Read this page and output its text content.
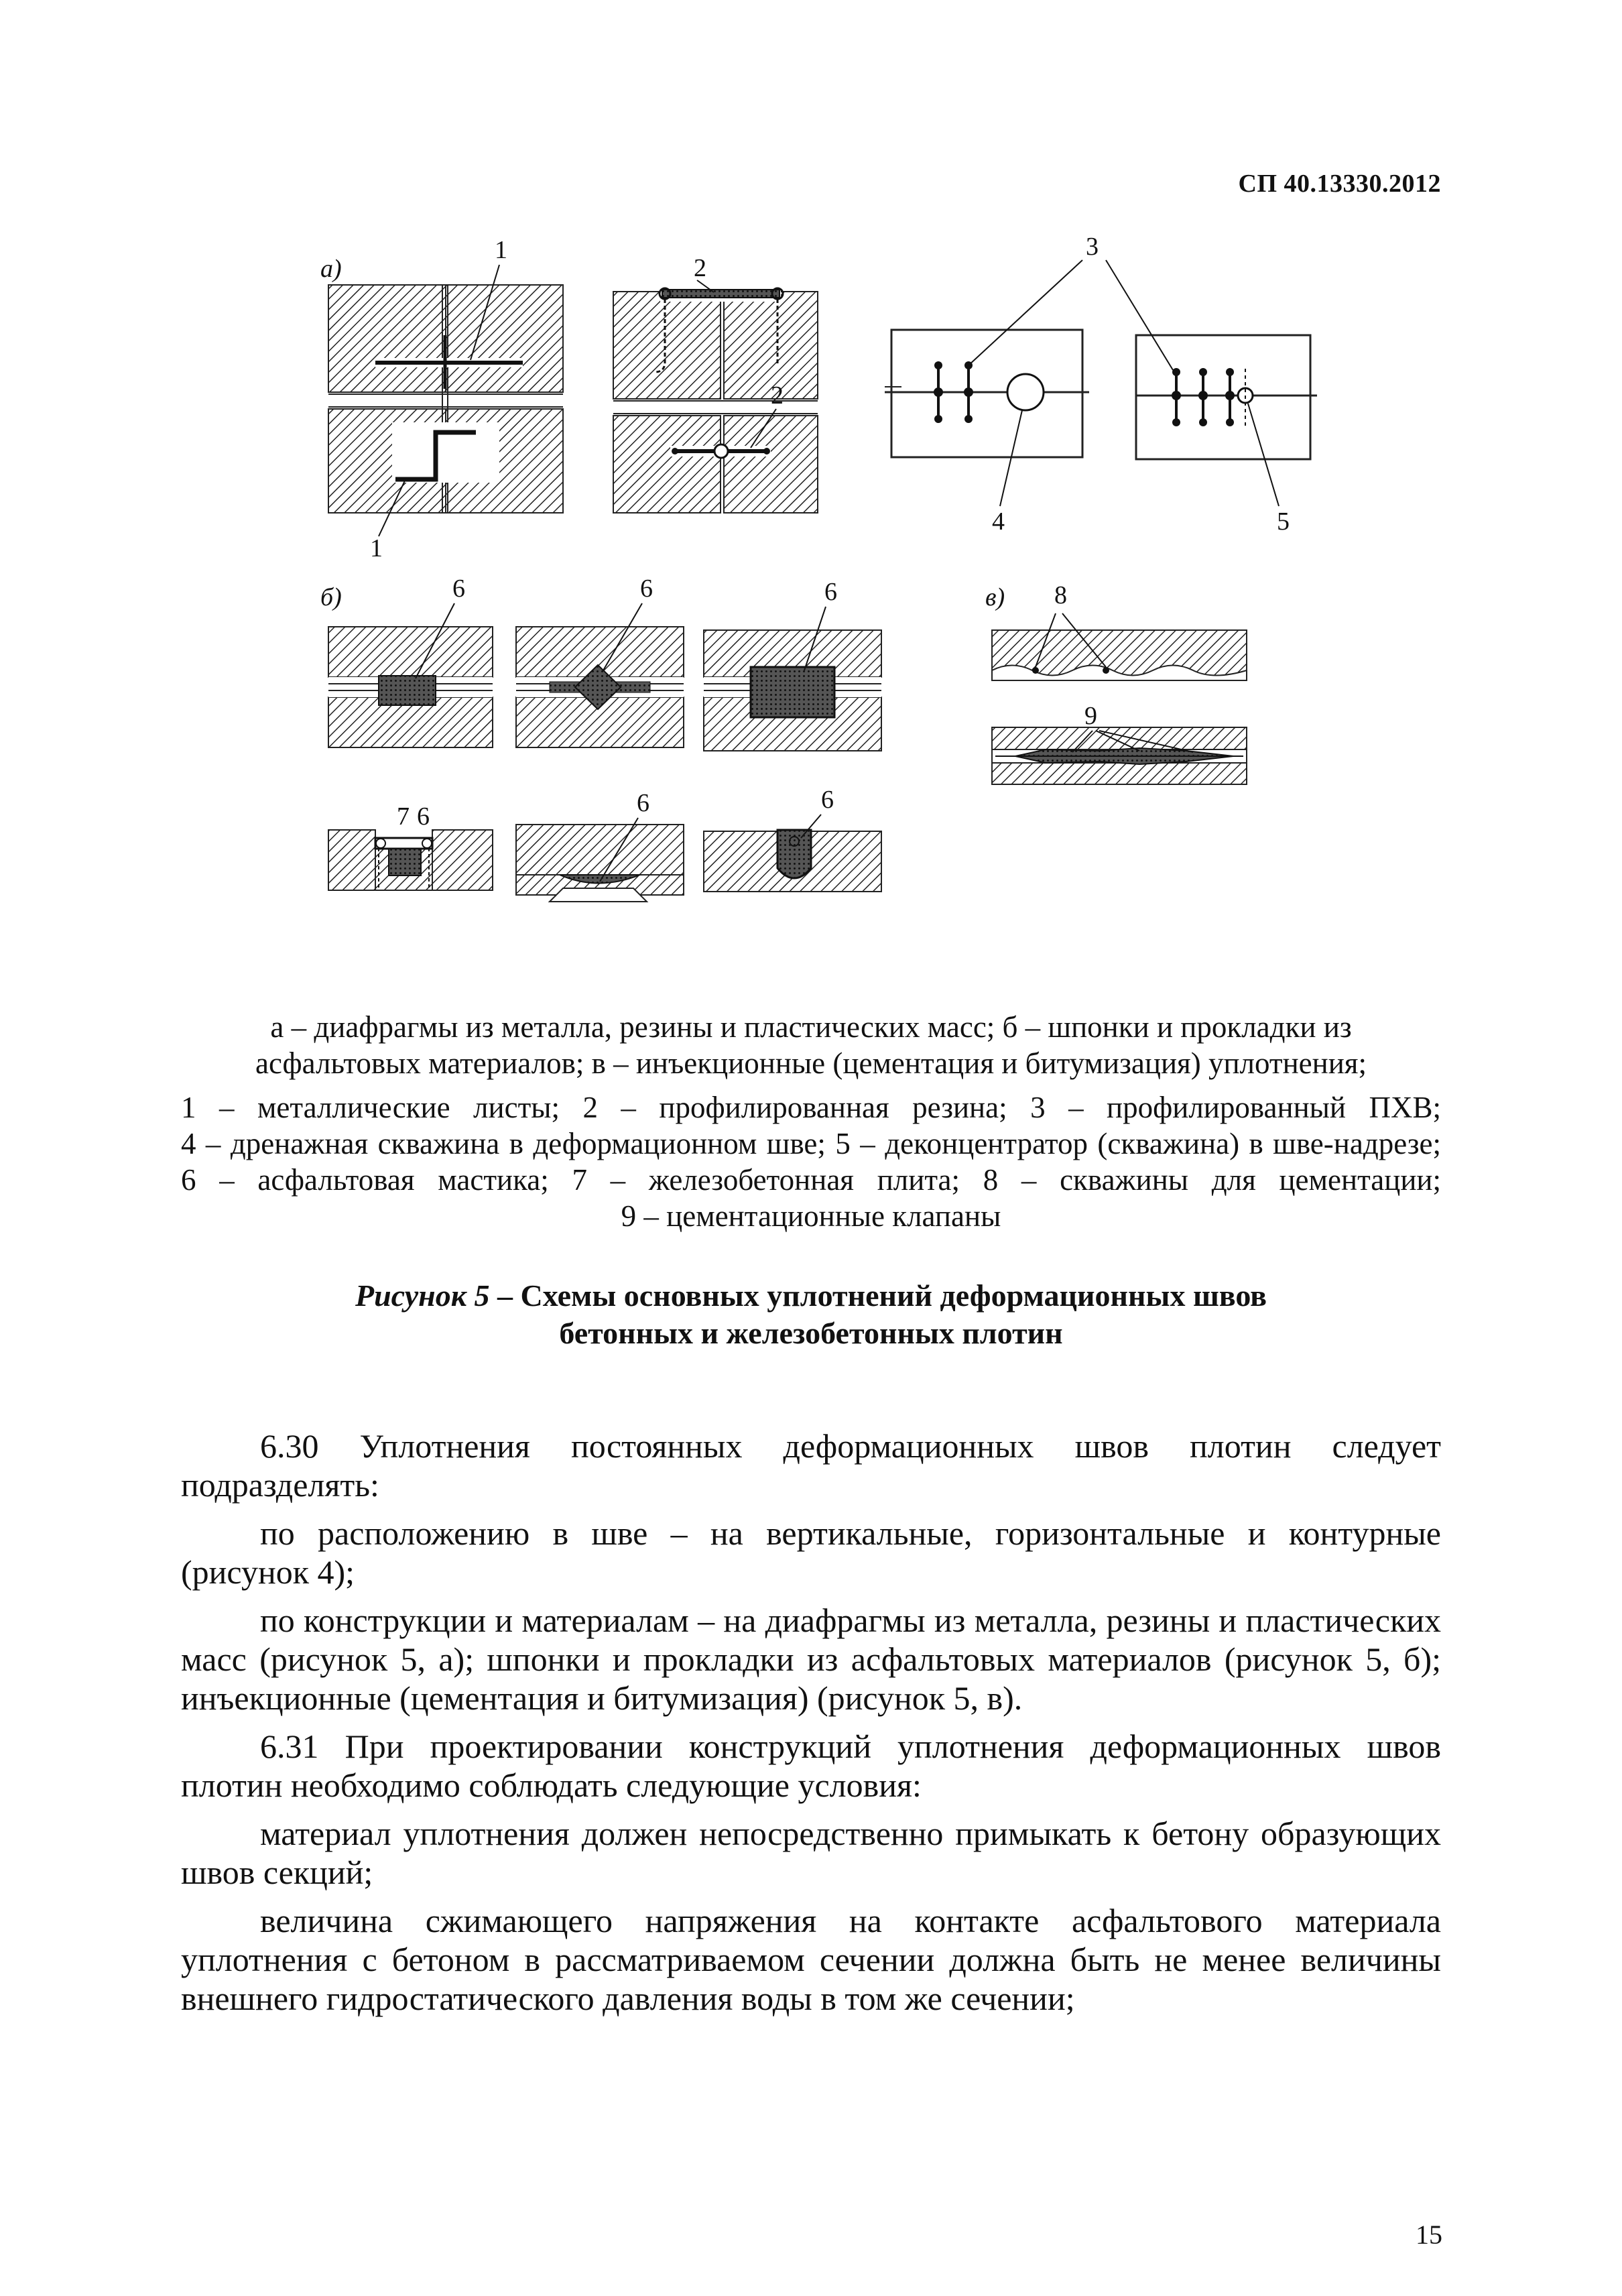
СП 40.13330.2012
а)
1
1
2
2
3
4	5
б)	6	6	6
7 6	6	6
в) 8
9
а – диафрагмы из металла, резины и пластических масс; б – шпонки и прокладки из
асфальтовых материалов; в – инъекционные (цементация и битумизация) уплотнения;
1 – металлические листы; 2 – профилированная резина; 3 – профилированный ПХВ;
4 – дренажная скважина в деформационном шве; 5 – деконцентратор (скважина) в шве-надрезе;
6 – асфальтовая мастика; 7 – железобетонная плита; 8 – скважины для цементации;
9 – цементационные клапаны
Рисунок 5 – Схемы основных уплотнений деформационных швов
бетонных и железобетонных плотин

6.30 Уплотнения постоянных деформационных швов плотин следует

подразделять:

по расположению в шве – на вертикальные, горизонтальные и контурные (рисунок 4);

по конструкции и материалам – на диафрагмы из металла, резины и пластических масс (рисунок 5, а); шпонки и прокладки из асфальтовых материалов (рисунок 5, б); инъекционные (цементация и битумизация) (рисунок 5, в).

6.31 При проектировании конструкций уплотнения деформационных швов плотин необходимо соблюдать следующие условия:

материал уплотнения должен непосредственно примыкать к бетону образующих швов секций;

величина сжимающего напряжения на контакте асфальтового материала уплотнения с бетоном в рассматриваемом сечении должна быть не менее величины внешнего гидростатического давления воды в том же сечении;

15
